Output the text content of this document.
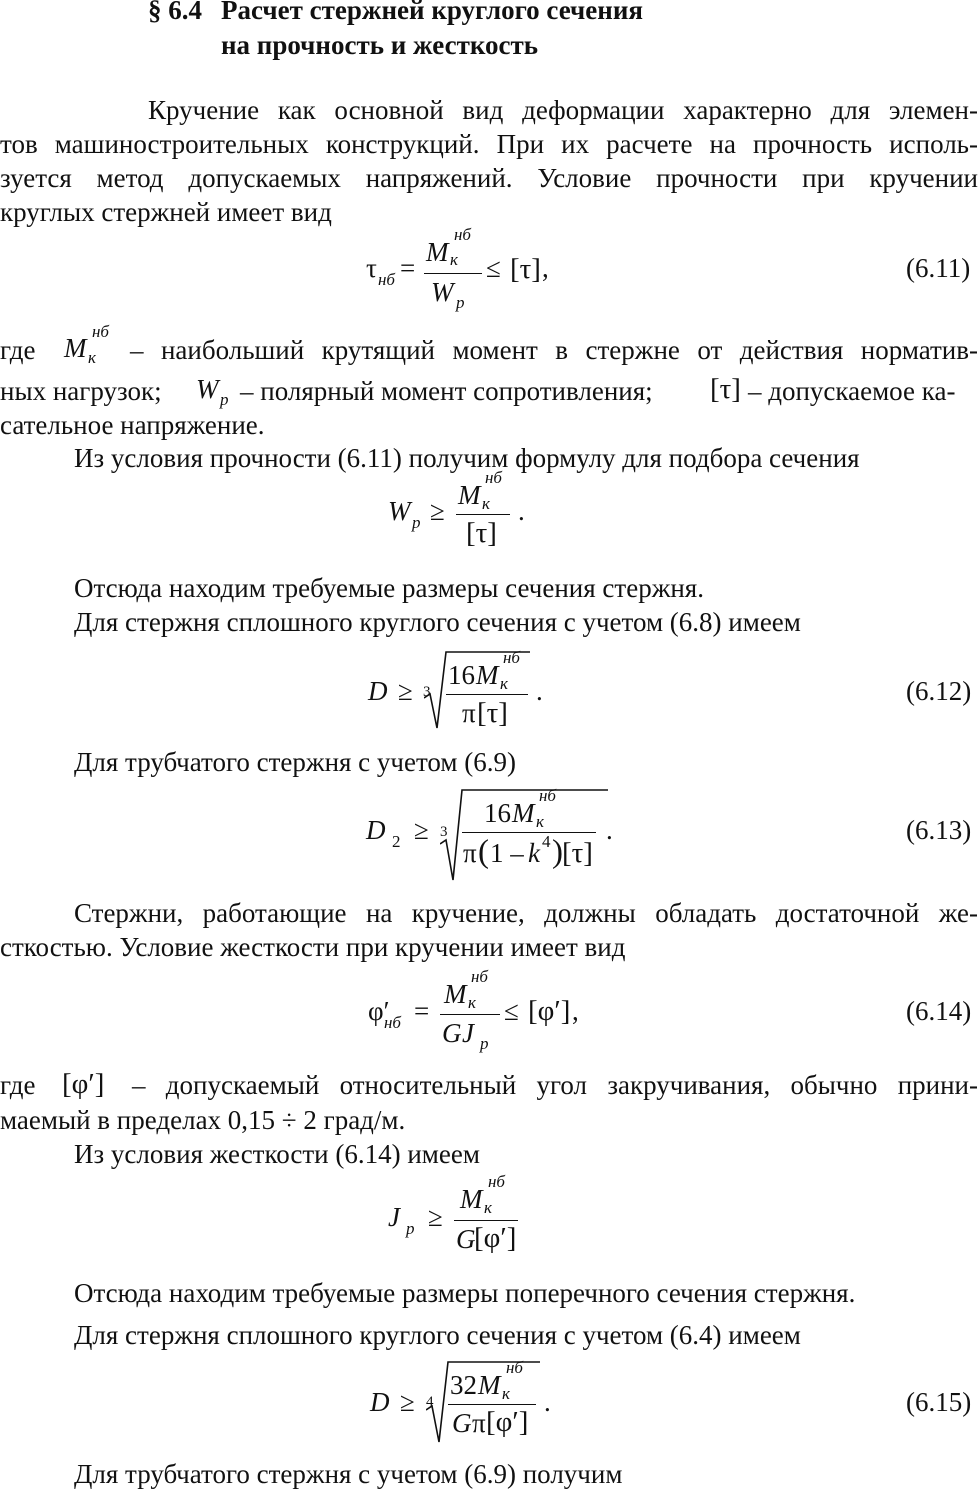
§ 6.4 Расчет стержней круглого сечения
на прочность и жесткость
Кручение как основной вид деформации характерно для элемен-
тов машиностроительных конструкций. При их расчете на прочность исполь-
зуется метод допускаемых напряжений. Условие прочности при кручении
круглых стержней имеет вид
τ нб =
M
нб
к
W p
≤ [τ] ,	(6.11)
где M
нб
к – наибольший крутящий момент в стержне от действия норматив-
ных нагрузок; W p – полярный момент сопротивления; [τ] – допускаемое ка-
сательное напряжение.
Из условия прочности (6.11) получим формулу для подбора сечения
W p ≥
M
нб
к
[τ]
.
Отсюда находим требуемые размеры сечения стержня.
Для стержня сплошного круглого сечения с учетом (6.8) имеем
D ≥ 3
16 M
нб
к
π [τ]
.	(6.12)
Для трубчатого стержня с учетом (6.9)
D 2 ≥ 3
16 M
нб
к
π ( 1 – k 4 ) [τ]
.	(6.13)
Стержни, работающие на кручение, должны обладать достаточной же-
сткостью. Условие жесткости при кручении имеет вид
φ′
нб =
M
нб
к
G J p
≤ [φ′] ,	(6.14)
где [φ′] – допускаемый относительный угол закручивания, обычно прини-
маемый в пределах 0,15 ÷ 2 град/м.
Из условия жесткости (6.14) имеем
J p ≥
M
нб
к
G
[φ′]
Отсюда находим требуемые размеры поперечного сечения стержня.
Для стержня сплошного круглого сечения с учетом (6.4) имеем
D ≥ 4
32 M
нб
к
G π [φ′]
.	(6.15)
Для трубчатого стержня с учетом (6.9) получим
